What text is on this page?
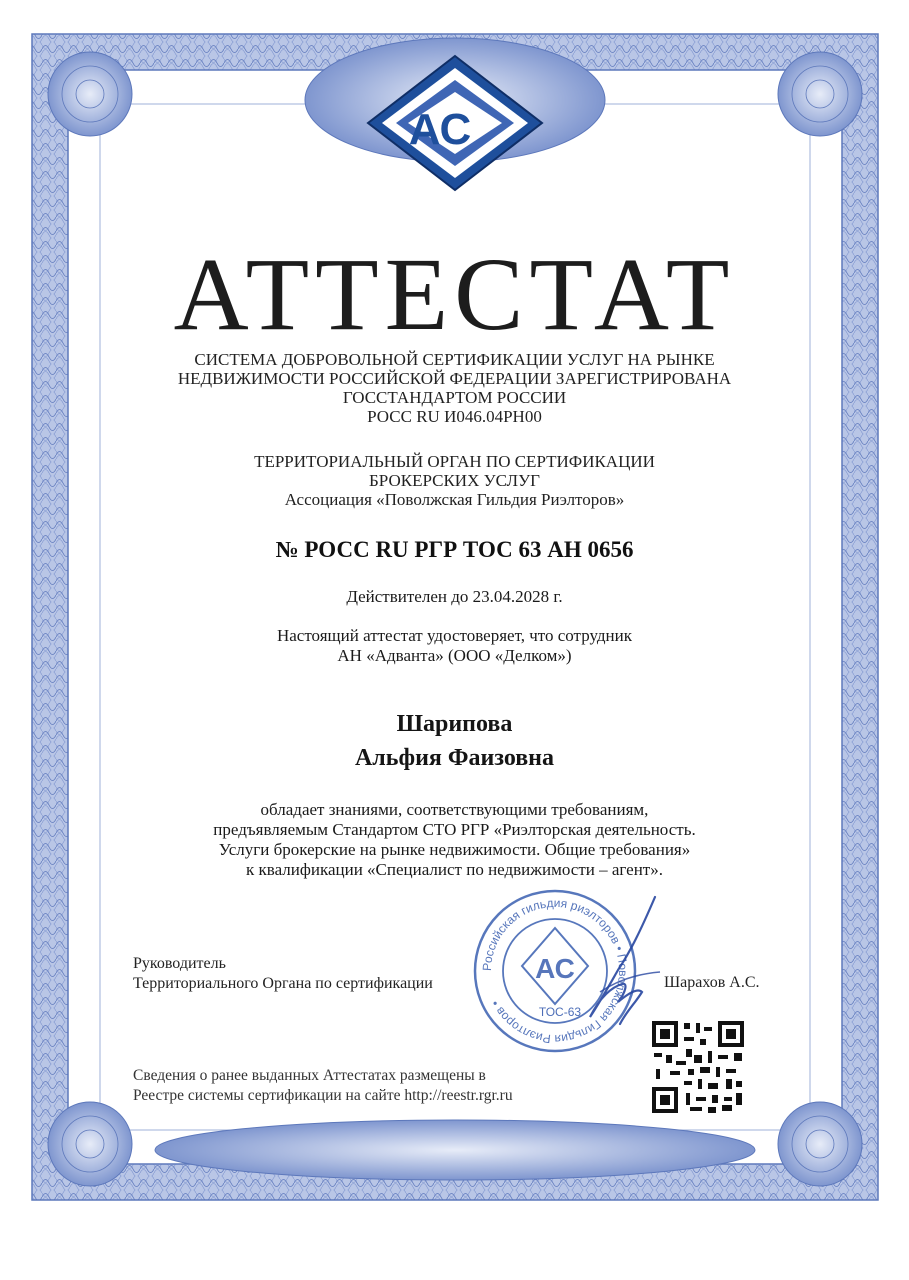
АС
АТТЕСТАТ
СИСТЕМА ДОБРОВОЛЬНОЙ СЕРТИФИКАЦИИ УСЛУГ НА РЫНКЕ
НЕДВИЖИМОСТИ РОССИЙСКОЙ ФЕДЕРАЦИИ ЗАРЕГИСТРИРОВАНА
ГОССТАНДАРТОМ РОССИИ
РОСС RU И046.04РН00
ТЕРРИТОРИАЛЬНЫЙ ОРГАН ПО СЕРТИФИКАЦИИ
БРОКЕРСКИХ УСЛУГ
Ассоциация «Поволжская Гильдия Риэлторов»
№ РОСС RU РГР ТОС 63 АН 0656
Действителен до 23.04.2028 г.
Настоящий аттестат удостоверяет, что сотрудник
АН «Адванта» (ООО «Делком»)
Шарипова
Альфия Фаизовна
обладает знаниями, соответствующими требованиям,
предъявляемым Стандартом СТО РГР «Риэлторская деятельность.
Услуги брокерские на рынке недвижимости. Общие требования»
к квалификации «Специалист по недвижимости – агент».
Руководитель
Территориального Органа по сертификации
Российская гильдия риэлторов • Поволжская Гильдия Риэлторов •
АС
ТОС-63
Шарахов А.С.
Сведения о ранее выданных Аттестатах размещены в
Реестре системы сертификации на сайте http://reestr.rgr.ru
